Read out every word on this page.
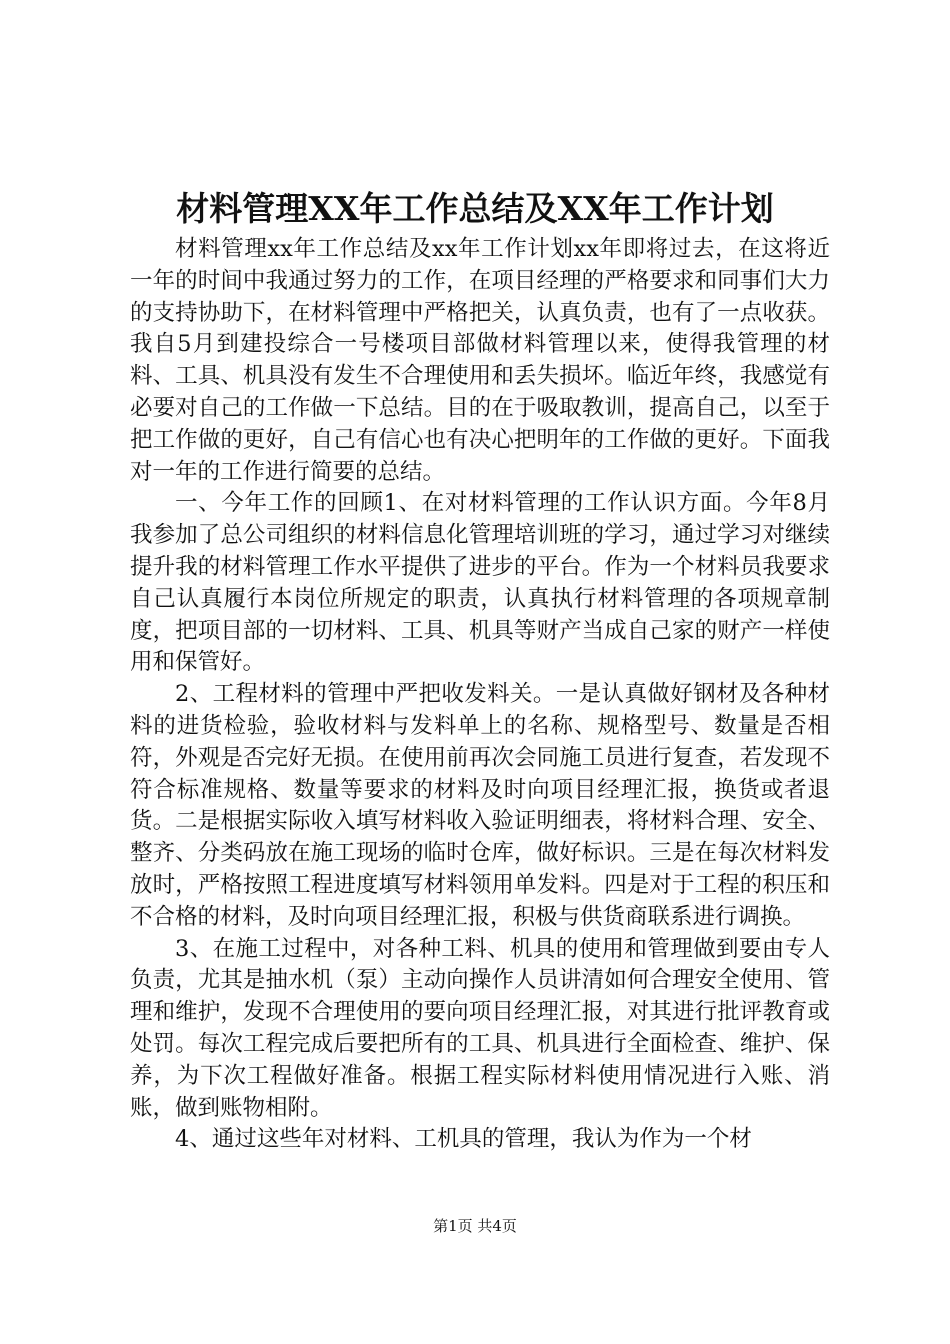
材料管理XX年工作总结及XX年工作计划

材料管理xx年工作总结及xx年工作计划xx年即将过去，在这将近一年的时间中我通过努力的工作，在项目经理的严格要求和同事们大力的支持协助下，在材料管理中严格把关，认真负责，也有了一点收获。我自5月到建投综合一号楼项目部做材料管理以来，使得我管理的材料、工具、机具没有发生不合理使用和丢失损坏。临近年终，我感觉有必要对自己的工作做一下总结。目的在于吸取教训，提高自己，以至于把工作做的更好，自己有信心也有决心把明年的工作做的更好。下面我对一年的工作进行简要的总结。

一、今年工作的回顾1、在对材料管理的工作认识方面。今年8月我参加了总公司组织的材料信息化管理培训班的学习，通过学习对继续提升我的材料管理工作水平提供了进步的平台。作为一个材料员我要求自己认真履行本岗位所规定的职责，认真执行材料管理的各项规章制度，把项目部的一切材料、工具、机具等财产当成自己家的财产一样使用和保管好。

2、工程材料的管理中严把收发料关。一是认真做好钢材及各种材料的进货检验，验收材料与发料单上的名称、规格型号、数量是否相符，外观是否完好无损。在使用前再次会同施工员进行复查，若发现不符合标准规格、数量等要求的材料及时向项目经理汇报，换货或者退货。二是根据实际收入填写材料收入验证明细表，将材料合理、安全、整齐、分类码放在施工现场的临时仓库，做好标识。三是在每次材料发放时，严格按照工程进度填写材料领用单发料。四是对于工程的积压和不合格的材料，及时向项目经理汇报，积极与供货商联系进行调换。

3、在施工过程中，对各种工料、机具的使用和管理做到要由专人负责，尤其是抽水机（泵）主动向操作人员讲清如何合理安全使用、管理和维护，发现不合理使用的要向项目经理汇报，对其进行批评教育或处罚。每次工程完成后要把所有的工具、机具进行全面检查、维护、保养，为下次工程做好准备。根据工程实际材料使用情况进行入账、消账，做到账物相附。

4、通过这些年对材料、工机具的管理，我认为作为一个材

第1页 共4页
